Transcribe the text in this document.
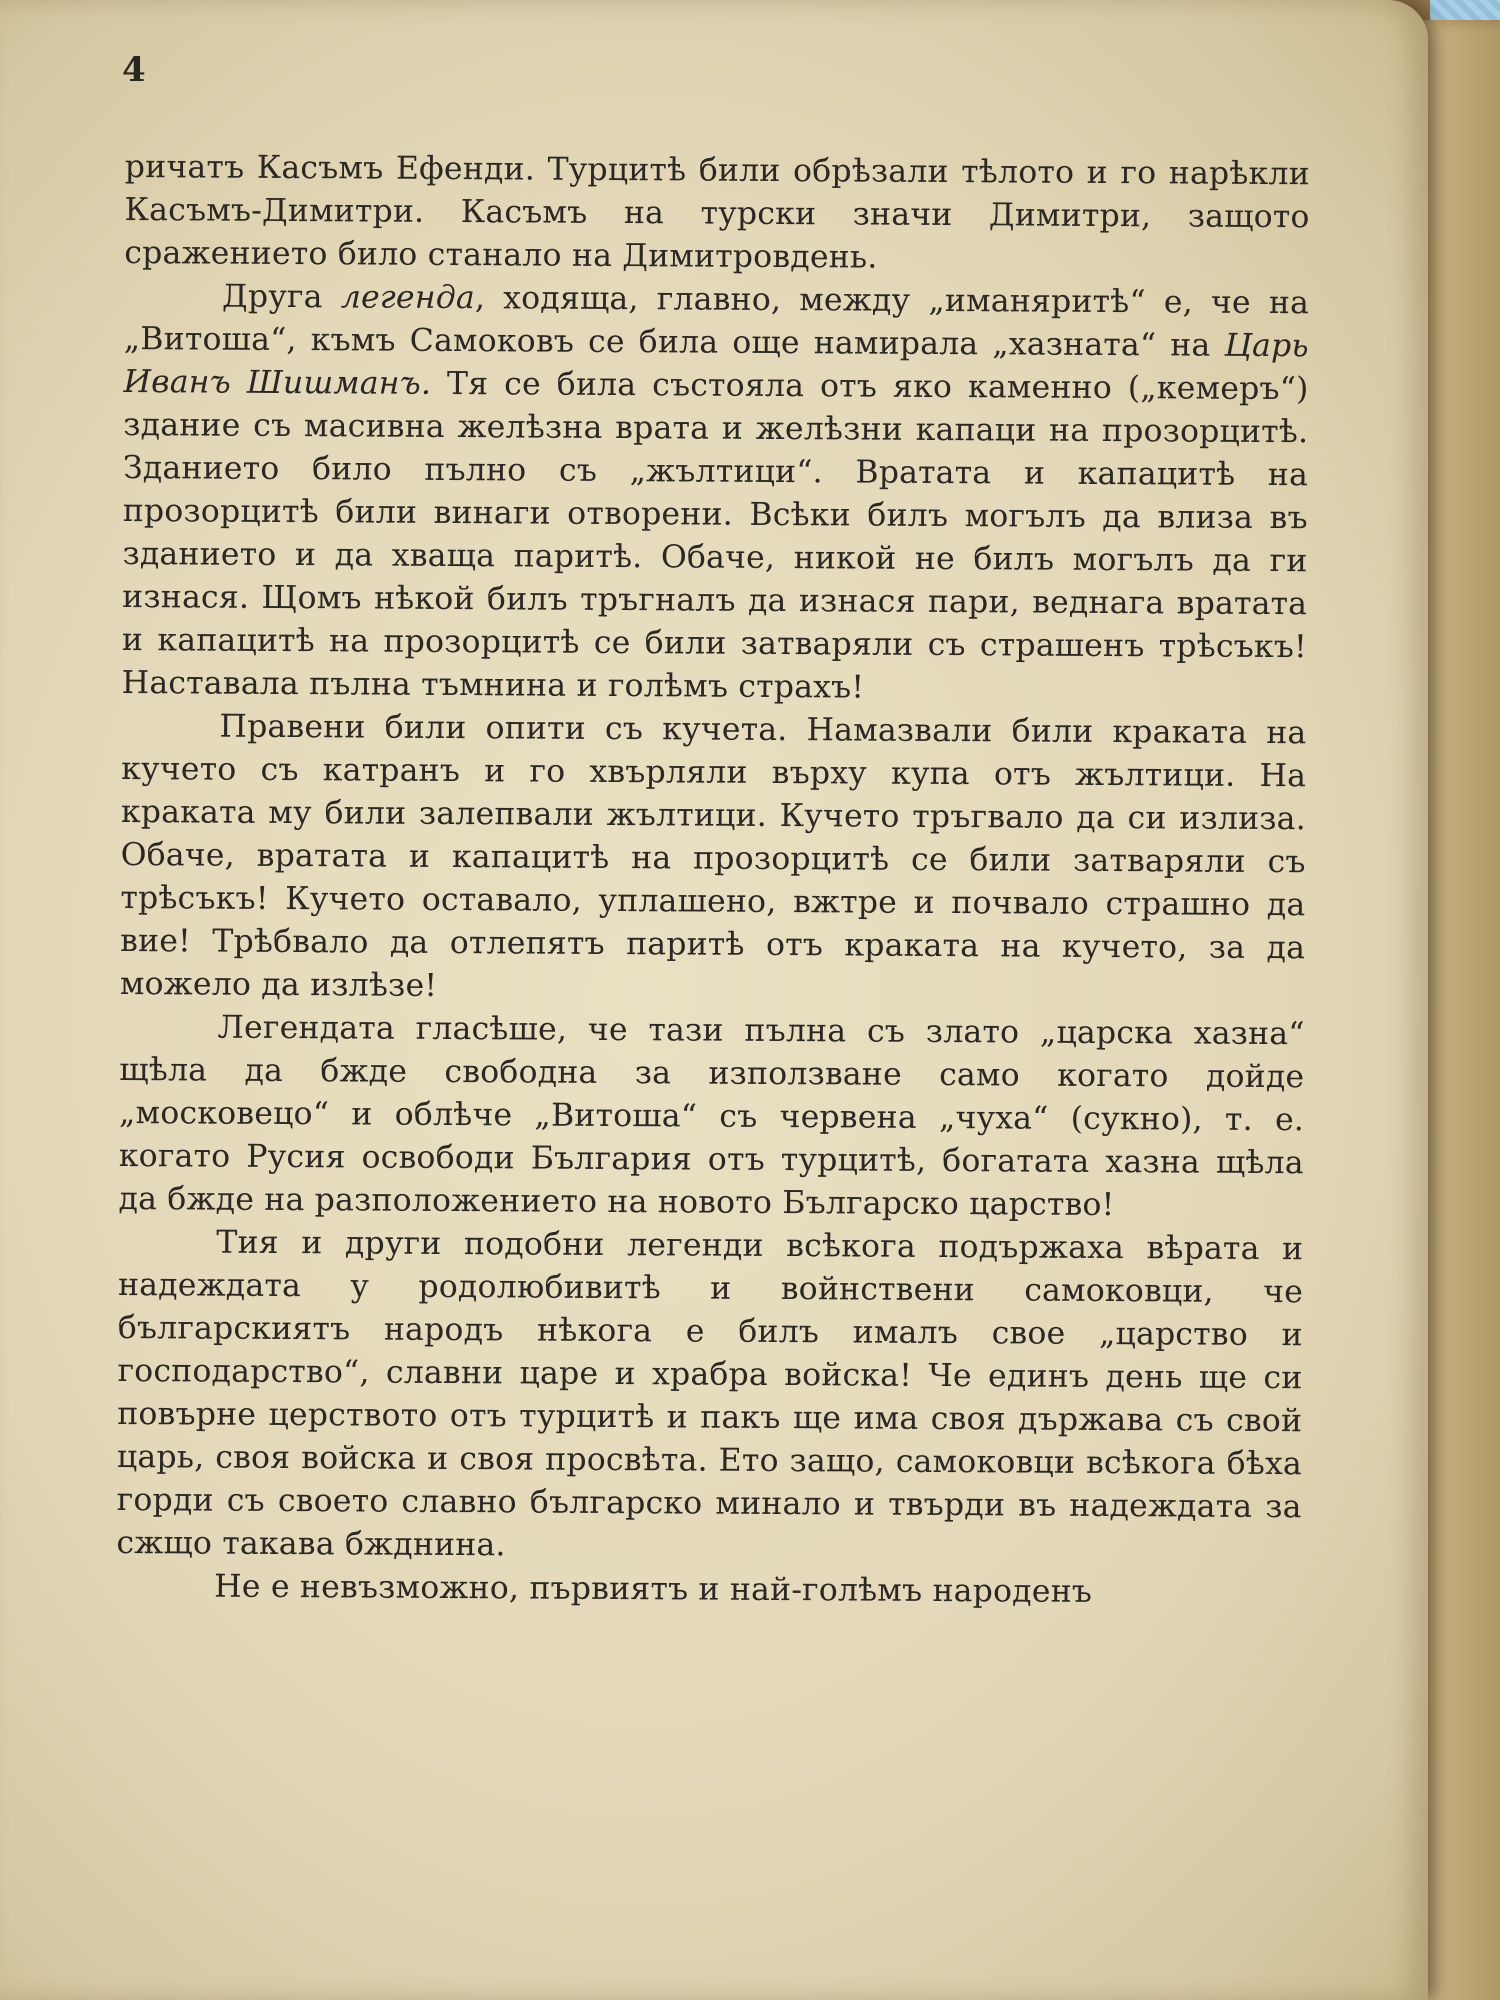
4

ричатъ Касъмъ Ефенди. Турцитѣ били обрѣзали тѣлото и го нарѣкли Касъмъ-Димитри. Касъмъ на турски значи Димитри, защото сражението било станало на Димитровдень.

Друга легенда, ходяща, главно, между „иманяритѣ“ е, че на „Витоша“, къмъ Самоковъ се била още намирала „хазната“ на Царь Иванъ Шишманъ. Тя се била състояла отъ яко каменно („кемеръ“) здание съ масивна желѣзна врата и желѣзни капаци на прозорцитѣ. Зданието било пълно съ „жълтици“. Вратата и капацитѣ на прозорцитѣ били винаги отворени. Всѣки билъ могълъ да влиза въ зданието и да хваща паритѣ. Обаче, никой не билъ могълъ да ги изнася. Щомъ нѣкой билъ тръгналъ да изнася пари, веднага вратата и капацитѣ на прозорцитѣ се били затваряли съ страшенъ трѣсъкъ! Наставала пълна тъмнина и голѣмъ страхъ!

Правени били опити съ кучета. Намазвали били краката на кучето съ катранъ и го хвърляли върху купа отъ жълтици. На краката му били залепвали жълтици. Кучето тръгвало да си излиза. Обаче, вратата и капацитѣ на прозорцитѣ се били затваряли съ трѣсъкъ! Кучето оставало, уплашено, вжтре и почвало страшно да вие! Трѣбвало да отлепятъ паритѣ отъ краката на кучето, за да можело да излѣзе!

Легендата гласѣше, че тази пълна съ злато „царска хазна“ щѣла да бжде свободна за използване само когато дойде „московецо“ и облѣче „Витоша“ съ червена „чуха“ (сукно), т. е. когато Русия освободи България отъ турцитѣ, богатата хазна щѣла да бжде на разположението на новото Българско царство!

Тия и други подобни легенди всѣкога подържаха вѣрата и надеждата у родолюбивитѣ и войнствени самоковци, че българскиятъ народъ нѣкога е билъ ималъ свое „царство и господарство“, славни царе и храбра войска! Че единъ день ще си повърне церството отъ турцитѣ и пакъ ще има своя държава съ свой царь, своя войска и своя просвѣта. Ето защо, самоковци всѣкога бѣха горди съ своето славно българско минало и твърди въ надеждата за сжщо такава бжднина.

Не е невъзможно, първиятъ и най-голѣмъ народенъ
